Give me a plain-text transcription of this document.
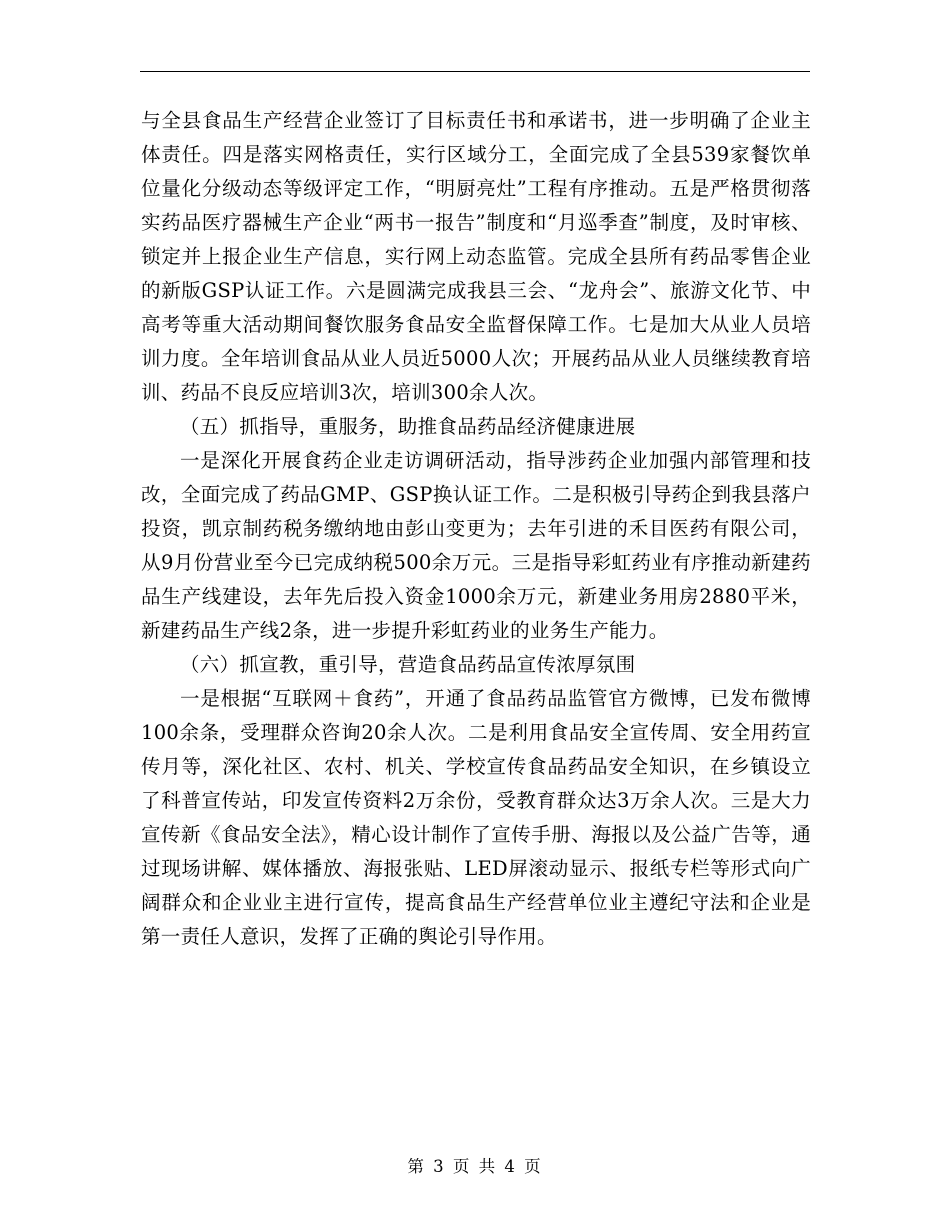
与全县食品生产经营企业签订了目标责任书和承诺书，进一步明确了企业主体责任。四是落实网格责任，实行区域分工，全面完成了全县539家餐饮单位量化分级动态等级评定工作，“明厨亮灶”工程有序推动。五是严格贯彻落实药品医疗器械生产企业“两书一报告”制度和“月巡季查”制度，及时审核、锁定并上报企业生产信息，实行网上动态监管。完成全县所有药品零售企业的新版GSP认证工作。六是圆满完成我县三会、“龙舟会”、旅游文化节、中高考等重大活动期间餐饮服务食品安全监督保障工作。七是加大从业人员培训力度。全年培训食品从业人员近5000人次；开展药品从业人员继续教育培训、药品不良反应培训3次，培训300余人次。

（五）抓指导，重服务，助推食品药品经济健康进展

一是深化开展食药企业走访调研活动，指导涉药企业加强内部管理和技改，全面完成了药品GMP、GSP换认证工作。二是积极引导药企到我县落户投资，凯京制药税务缴纳地由彭山变更为；去年引进的禾目医药有限公司，从9月份营业至今已完成纳税500余万元。三是指导彩虹药业有序推动新建药品生产线建设，去年先后投入资金1000余万元，新建业务用房2880平米，新建药品生产线2条，进一步提升彩虹药业的业务生产能力。

（六）抓宣教，重引导，营造食品药品宣传浓厚氛围

一是根据“互联网＋食药”，开通了食品药品监管官方微博，已发布微博100余条，受理群众咨询20余人次。二是利用食品安全宣传周、安全用药宣传月等，深化社区、农村、机关、学校宣传食品药品安全知识，在乡镇设立了科普宣传站，印发宣传资料2万余份，受教育群众达3万余人次。三是大力宣传新《食品安全法》，精心设计制作了宣传手册、海报以及公益广告等，通过现场讲解、媒体播放、海报张贴、LED屏滚动显示、报纸专栏等形式向广阔群众和企业业主进行宣传，提高食品生产经营单位业主遵纪守法和企业是第一责任人意识，发挥了正确的舆论引导作用。

第 3 页 共 4 页
